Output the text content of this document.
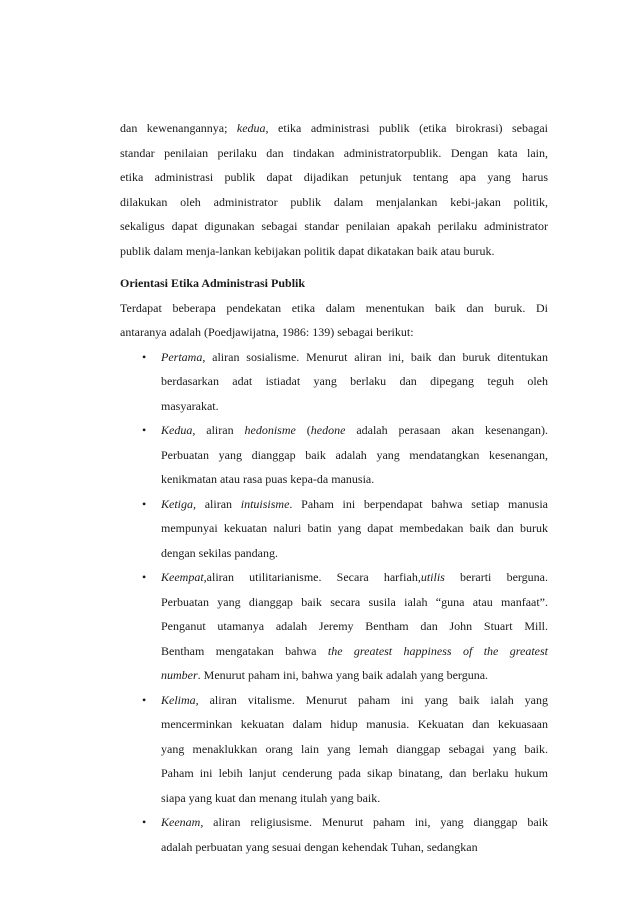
dan kewenangannya; kedua, etika administrasi publik (etika birokrasi) sebagai
standar penilaian perilaku dan tindakan administratorpublik. Dengan kata lain,
etika administrasi publik dapat dijadikan petunjuk tentang apa yang harus
dilakukan oleh administrator publik dalam menjalankan kebi-jakan politik,
sekaligus dapat digunakan sebagai standar penilaian apakah perilaku administrator
publik dalam menja-lankan kebijakan politik dapat dikatakan baik atau buruk.

Orientasi Etika Administrasi Publik

Terdapat beberapa pendekatan etika dalam menentukan baik dan buruk. Di
antaranya adalah (Poedjawijatna, 1986: 139) sebagai berikut:

• Pertama, aliran sosialisme. Menurut aliran ini, baik dan buruk ditentukan
berdasarkan adat istiadat yang berlaku dan dipegang teguh oleh
masyarakat.
• Kedua, aliran hedonisme (hedone adalah perasaan akan kesenangan).
Perbuatan yang dianggap baik adalah yang mendatangkan kesenangan,
kenikmatan atau rasa puas kepa-da manusia.
• Ketiga, aliran intuisisme. Paham ini berpendapat bahwa setiap manusia
mempunyai kekuatan naluri batin yang dapat membedakan baik dan buruk
dengan sekilas pandang.
• Keempat,aliran utilitarianisme. Secara harfiah,utilis berarti berguna.
Perbuatan yang dianggap baik secara susila ialah “guna atau manfaat”.
Penganut utamanya adalah Jeremy Bentham dan John Stuart Mill.
Bentham mengatakan bahwa the greatest happiness of the greatest
number. Menurut paham ini, bahwa yang baik adalah yang berguna.
• Kelima, aliran vitalisme. Menurut paham ini yang baik ialah yang
mencerminkan kekuatan dalam hidup manusia. Kekuatan dan kekuasaan
yang menaklukkan orang lain yang lemah dianggap sebagai yang baik.
Paham ini lebih lanjut cenderung pada sikap binatang, dan berlaku hukum
siapa yang kuat dan menang itulah yang baik.
• Keenam, aliran religiusisme. Menurut paham ini, yang dianggap baik
adalah perbuatan yang sesuai dengan kehendak Tuhan, sedangkan
